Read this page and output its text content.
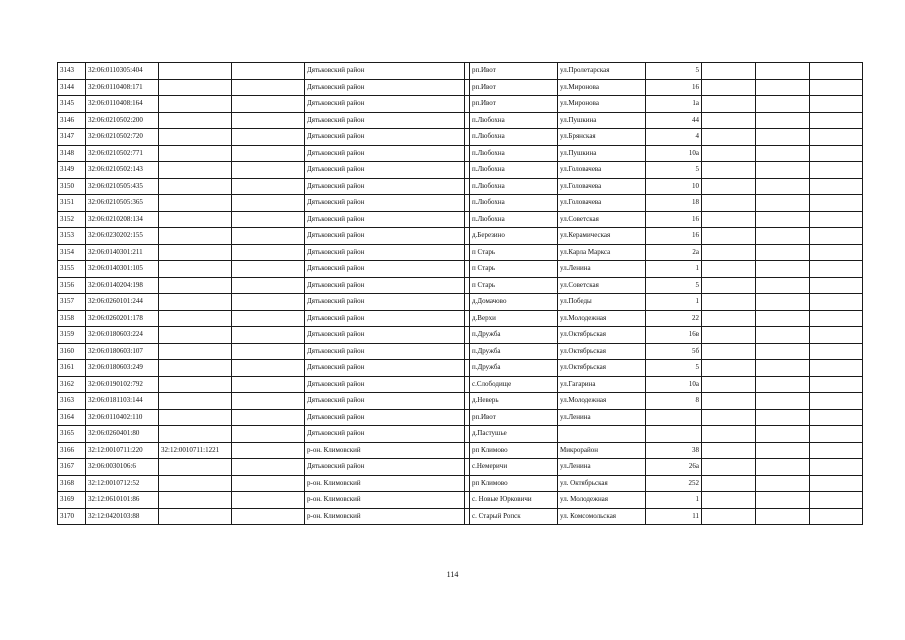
3143	32:06:0110305:404			Дятьковский район		рп.Ивот	ул.Пролетарская	5			
3144	32:06:0110408:171			Дятьковский район		рп.Ивот	ул.Миронова	16			
3145	32:06:0110408:164			Дятьковский район		рп.Ивот	ул.Миронова	1а			
3146	32:06:0210502:200			Дятьковский район		п.Любохна	ул.Пушкина	44			
3147	32:06:0210502:720			Дятьковский район		п.Любохна	ул.Брянская	4			
3148	32:06:0210502:771			Дятьковский район		п.Любохна	ул.Пушкина	10а			
3149	32:06:0210502:143			Дятьковский район		п.Любохна	ул.Головачева	5			
3150	32:06:0210505:435			Дятьковский район		п.Любохна	ул.Головачева	10			
3151	32:06:0210505:365			Дятьковский район		п.Любохна	ул.Головачева	18			
3152	32:06:0210208:134			Дятьковский район		п.Любохна	ул.Советская	16			
3153	32:06:0230202:155			Дятьковский район		д.Березино	ул.Керамическая	16			
3154	32:06:0140301:211			Дятьковский район		п Старь	ул.Карла Маркса	2а			
3155	32:06:0140301:105			Дятьковский район		п Старь	ул.Ленина	1			
3156	32:06:0140204:198			Дятьковский район		п Старь	ул.Советская	5			
3157	32:06:0260101:244			Дятьковский район		д.Домачово	ул.Победы	1			
3158	32:06:0260201:178			Дятьковский район		д.Верхи	ул.Молодежная	22			
3159	32:06:0180603:224			Дятьковский район		п.Дружба	ул.Октябрьская	16в			
3160	32:06:0180603:107			Дятьковский район		п.Дружба	ул.Октябрьская	5б			
3161	32:06:0180603:249			Дятьковский район		п.Дружба	ул.Октябрьская	5			
3162	32:06:0190102:792			Дятьковский район		с.Слободище	ул.Гагарина	10а			
3163	32:06:0181103:144			Дятьковский район		д.Неверь	ул.Молодежная	8			
3164	32:06:0110402:110			Дятьковский район		рп.Ивот	ул.Ленина				
3165	32:06:0260401:80			Дятьковский район		д.Пастушье					
3166	32:12:0010711:220	32:12:0010711:1221		р-он. Климовский		рп Климово	Микрорайон	38			
3167	32:06:0030106:6			Дятьковский район		с.Немеричи	ул.Ленина	26а			
3168	32:12:0010712:52			р-он. Климовский		рп Климово	ул. Октябрьская	252			
3169	32:12:0610101:86			р-он. Климовский		с. Новые Юрковичи	ул. Молодежная	1			
3170	32:12:0420103:88			р-он. Климовский		с. Старый Ропск	ул. Комсомольская	11			
114
